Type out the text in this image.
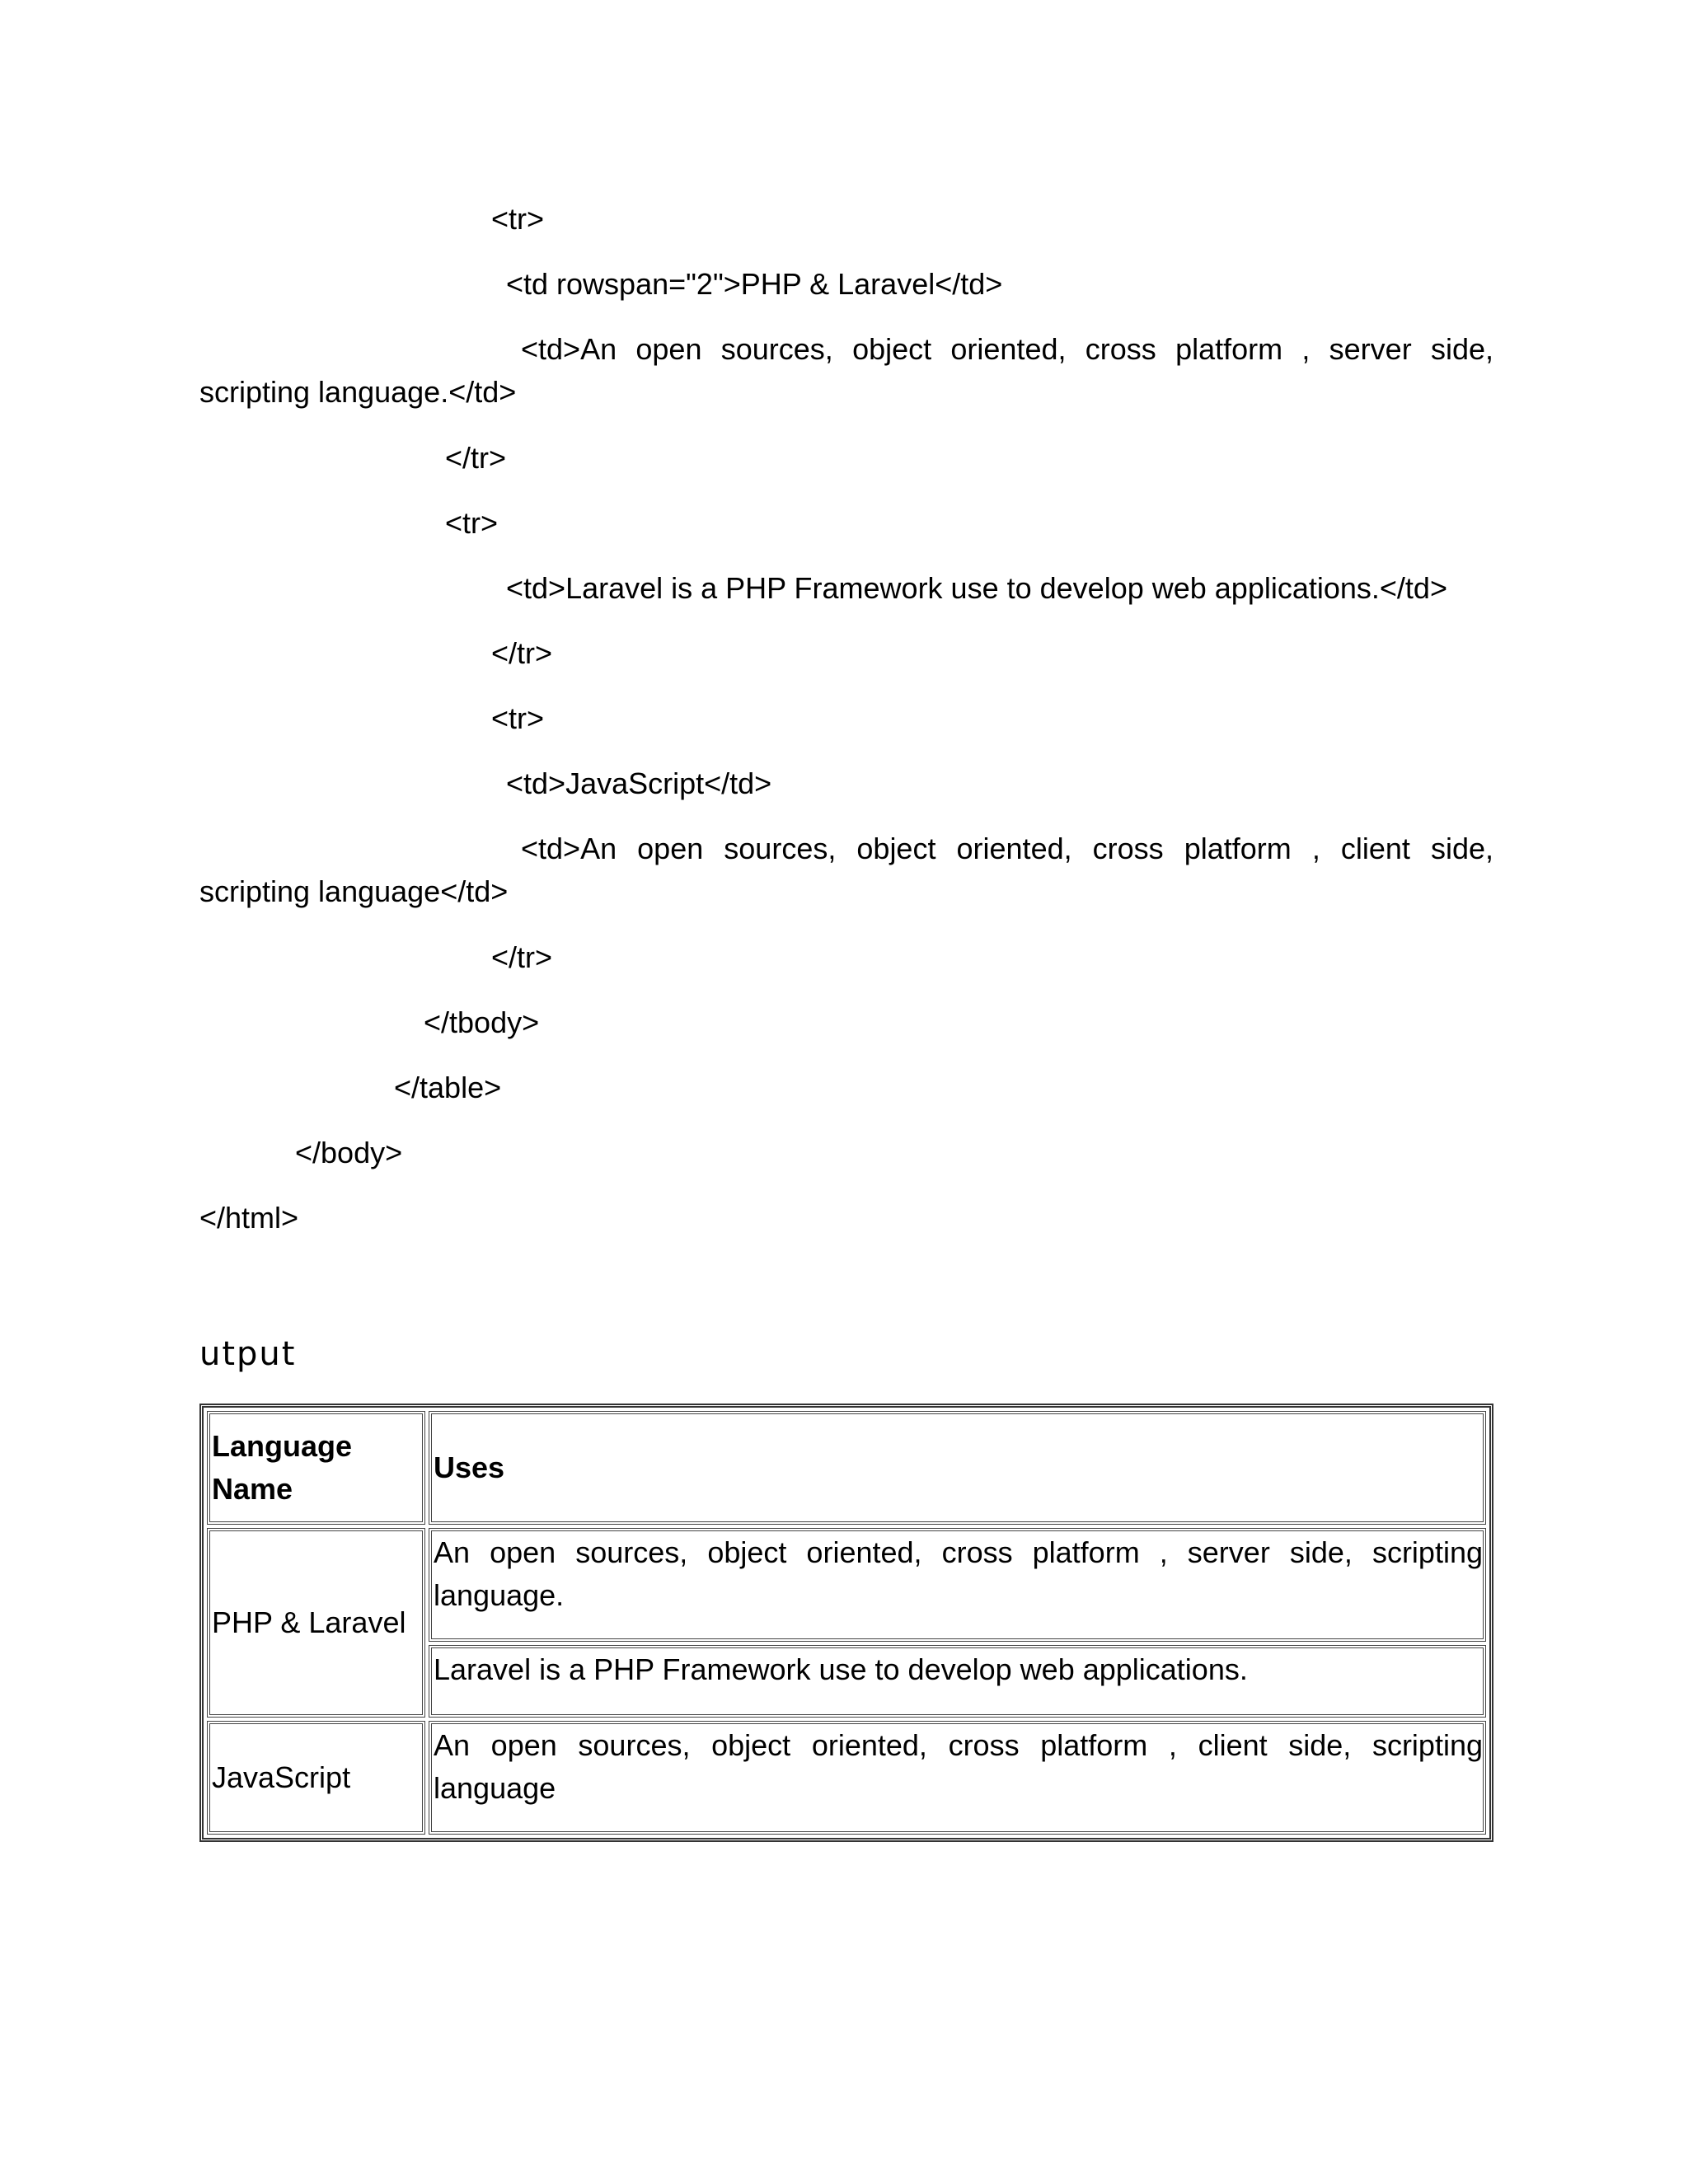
<tr>
<td rowspan="2">PHP & Laravel</td>
<td>An open sources, object oriented, cross platform , server side,
scripting language.</td>
</tr>
<tr>
<td>Laravel is a PHP Framework use to develop web applications.</td>
</tr>
<tr>
<td>JavaScript</td>
<td>An open sources, object oriented, cross platform , client side,
scripting language</td>
</tr>
</tbody>
</table>
</body>
</html>
utput
Language Name	Uses
PHP & Laravel	An open sources, object oriented, cross platform , server side, scripting language.
	Laravel is a PHP Framework use to develop web applications.
JavaScript	An open sources, object oriented, cross platform , client side, scripting language
